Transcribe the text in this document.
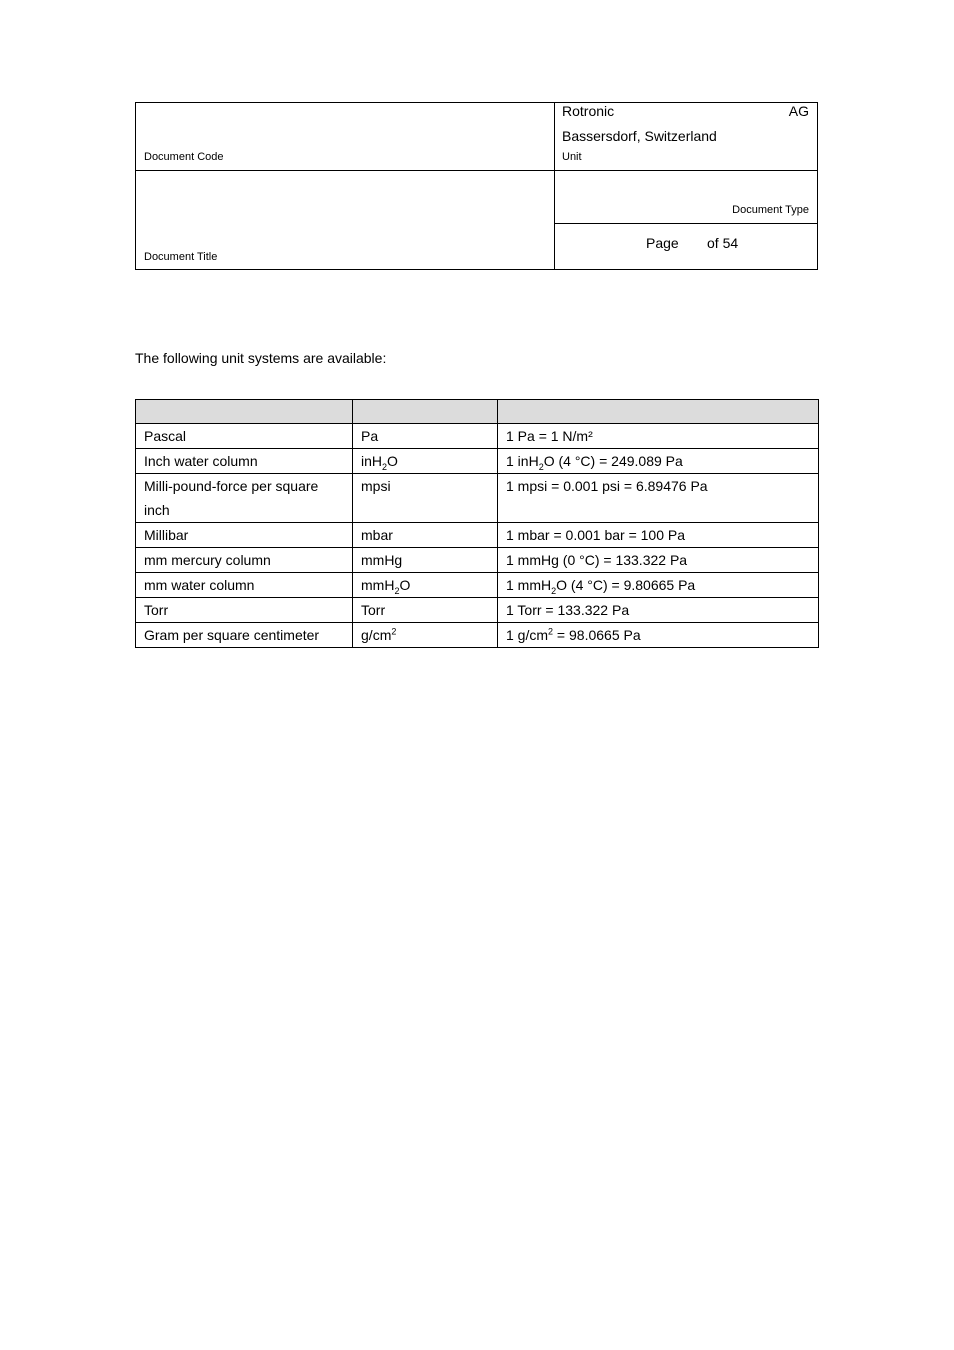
Rotronic	AG
Bassersdorf, Switzerland
Document Code	Unit
Document Type
Page of 54
Document Title
The following unit systems are available:

Pascal	Pa	1 Pa = 1 N/m²
Inch water column	inH$_2$O	1 inH$_2$O (4 °C) = 249.089 Pa
Milli-pound-force per square inch	mpsi	1 mpsi = 0.001 psi = 6.89476 Pa
Millibar	mbar	1 mbar = 0.001 bar = 100 Pa
mm mercury column	mmHg	1 mmHg (0 °C) = 133.322 Pa
mm water column	mmH$_2$O	1 mmH$_2$O (4 °C) = 9.80665 Pa
Torr	Torr	1 Torr = 133.322 Pa
Gram per square centimeter	$g/cm^2$	1 $g/cm^2 = 98.0665$ Pa
